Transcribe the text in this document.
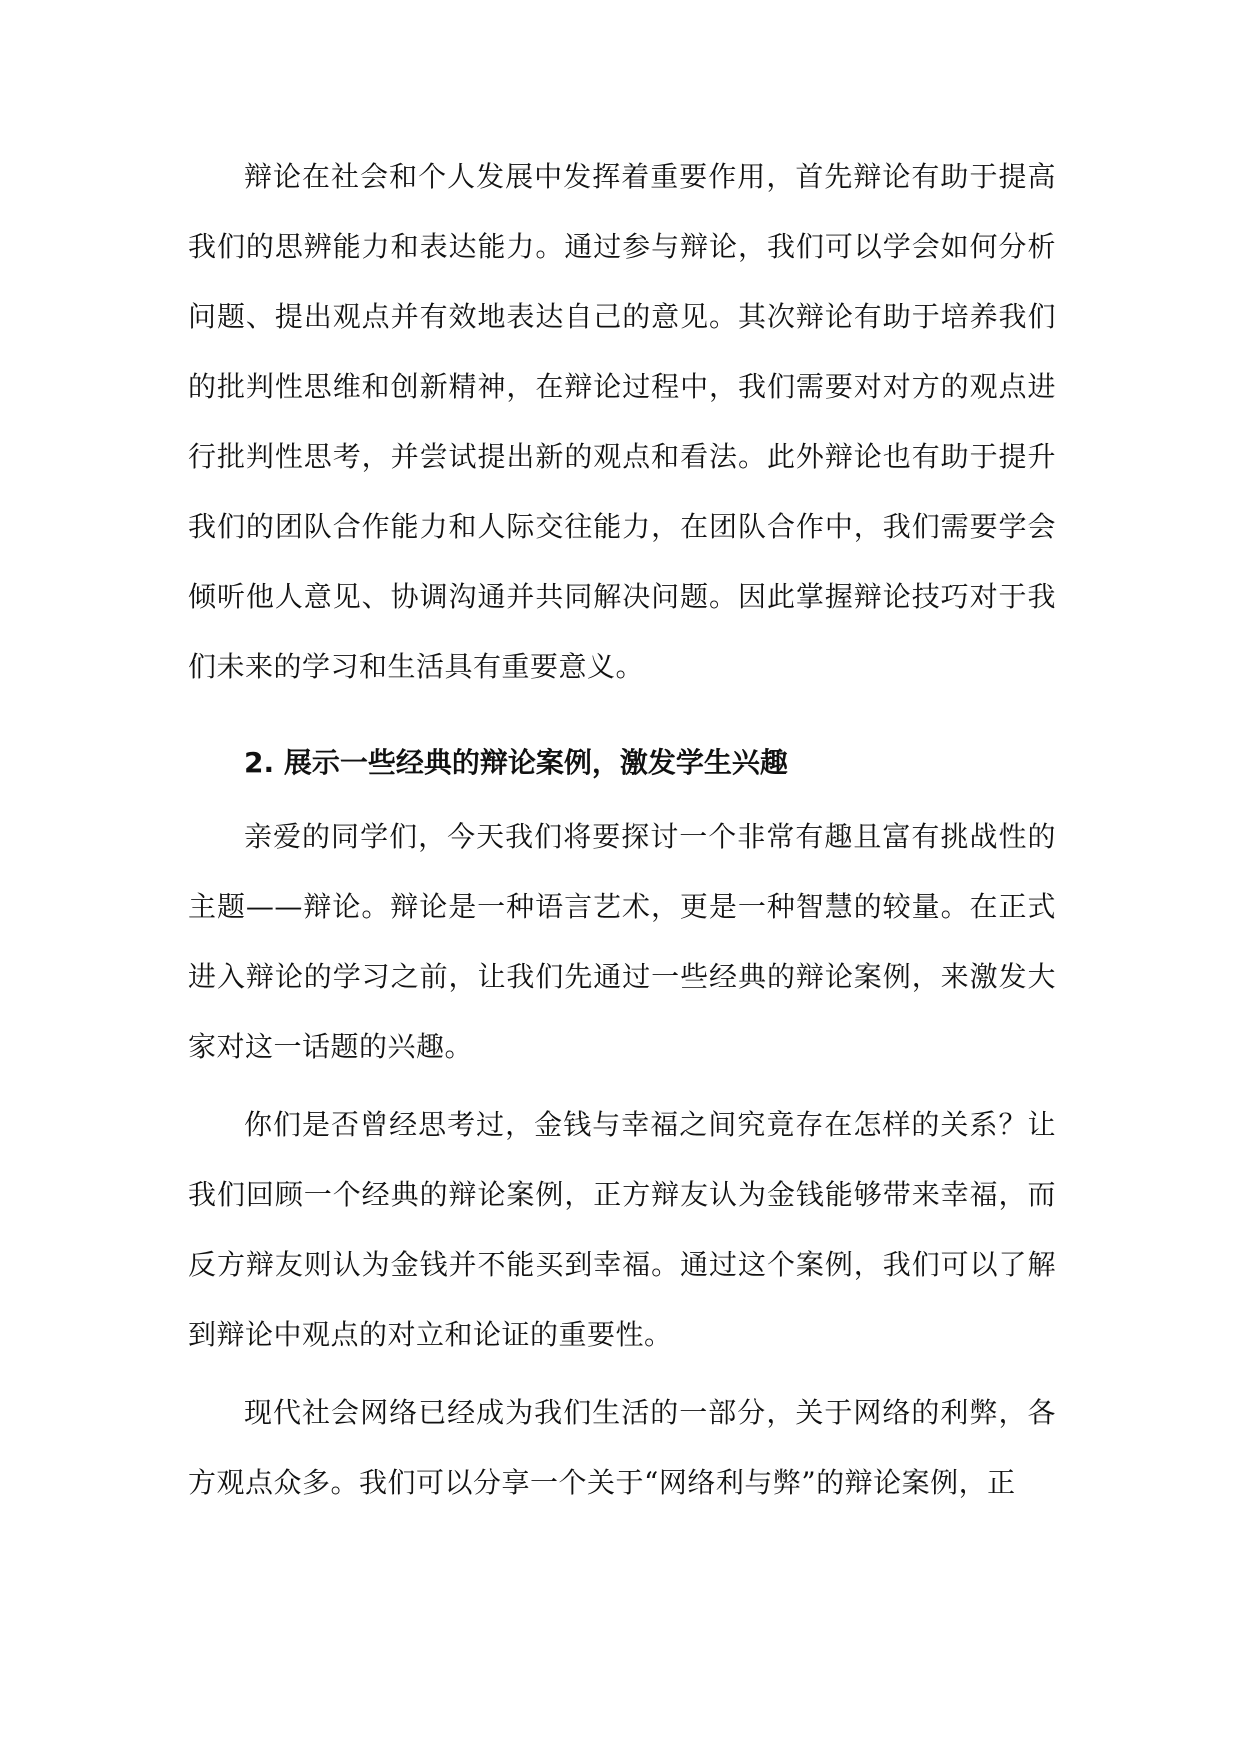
辩论在社会和个人发展中发挥着重要作用，首先辩论有助于提高我们的思辨能力和表达能力。通过参与辩论，我们可以学会如何分析问题、提出观点并有效地表达自己的意见。其次辩论有助于培养我们的批判性思维和创新精神，在辩论过程中，我们需要对对方的观点进行批判性思考，并尝试提出新的观点和看法。此外辩论也有助于提升我们的团队合作能力和人际交往能力，在团队合作中，我们需要学会倾听他人意见、协调沟通并共同解决问题。因此掌握辩论技巧对于我们未来的学习和生活具有重要意义。

2. 展示一些经典的辩论案例，激发学生兴趣

亲爱的同学们，今天我们将要探讨一个非常有趣且富有挑战性的主题——辩论。辩论是一种语言艺术，更是一种智慧的较量。在正式进入辩论的学习之前，让我们先通过一些经典的辩论案例，来激发大家对这一话题的兴趣。

你们是否曾经思考过，金钱与幸福之间究竟存在怎样的关系？让我们回顾一个经典的辩论案例，正方辩友认为金钱能够带来幸福，而反方辩友则认为金钱并不能买到幸福。通过这个案例，我们可以了解到辩论中观点的对立和论证的重要性。

现代社会网络已经成为我们生活的一部分，关于网络的利弊，各方观点众多。我们可以分享一个关于“网络利与弊”的辩论案例，正
